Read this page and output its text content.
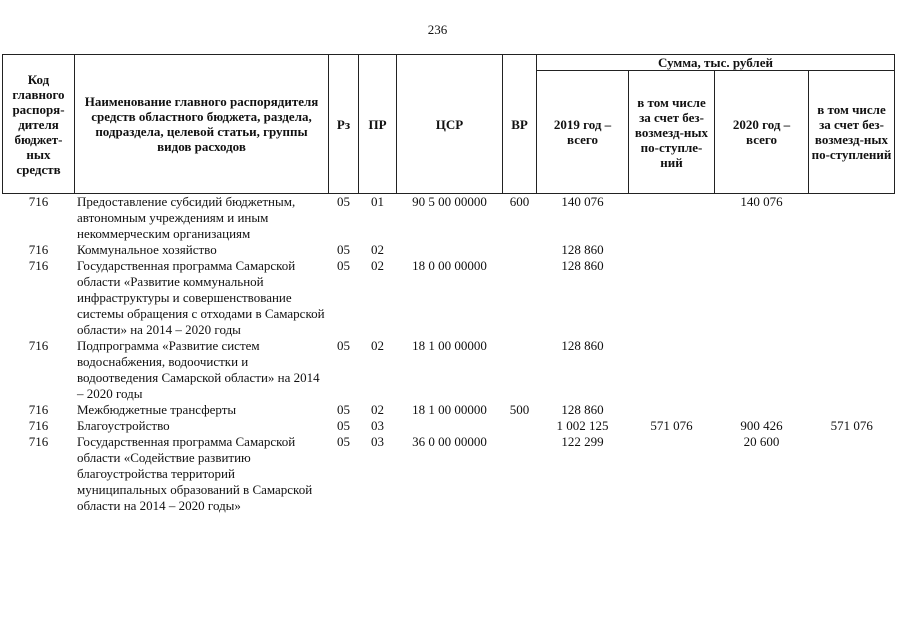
236
Код главного распоря-дителя бюджет-ных средств	Наименование главного распорядителя средств областного бюджета, раздела, подраздела, целевой статьи, группы видов расходов	Рз	ПР	ЦСР	ВР	Сумма, тыс. рублей			
						2019 год – всего	в том числе за счет без-возмезд-ных по-ступле-ний	2020 год – всего	в том числе за счет без-возмезд-ных по-ступлений
716	Предоставление субсидий бюджетным, автономным учреждениям и иным некоммерческим организациям	05	01	90 5 00 00000	600	140 076		140 076	
716	Коммунальное хозяйство	05	02			128 860			
716	Государственная программа Самарской области «Развитие коммунальной инфраструктуры и совершенствование системы обращения с отходами в Самарской области» на 2014 – 2020 годы	05	02	18 0 00 00000		128 860			
716	Подпрограмма «Развитие систем водоснабжения, водоочистки и водоотведения Самарской области» на 2014 – 2020 годы	05	02	18 1 00 00000		128 860			
716	Межбюджетные трансферты	05	02	18 1 00 00000	500	128 860			
716	Благоустройство	05	03			1 002 125	571 076	900 426	571 076
716	Государственная программа Самарской области «Содействие развитию благоустройства территорий муниципальных образований в Самарской области на 2014 – 2020 годы»	05	03	36 0 00 00000		122 299		20 600	
